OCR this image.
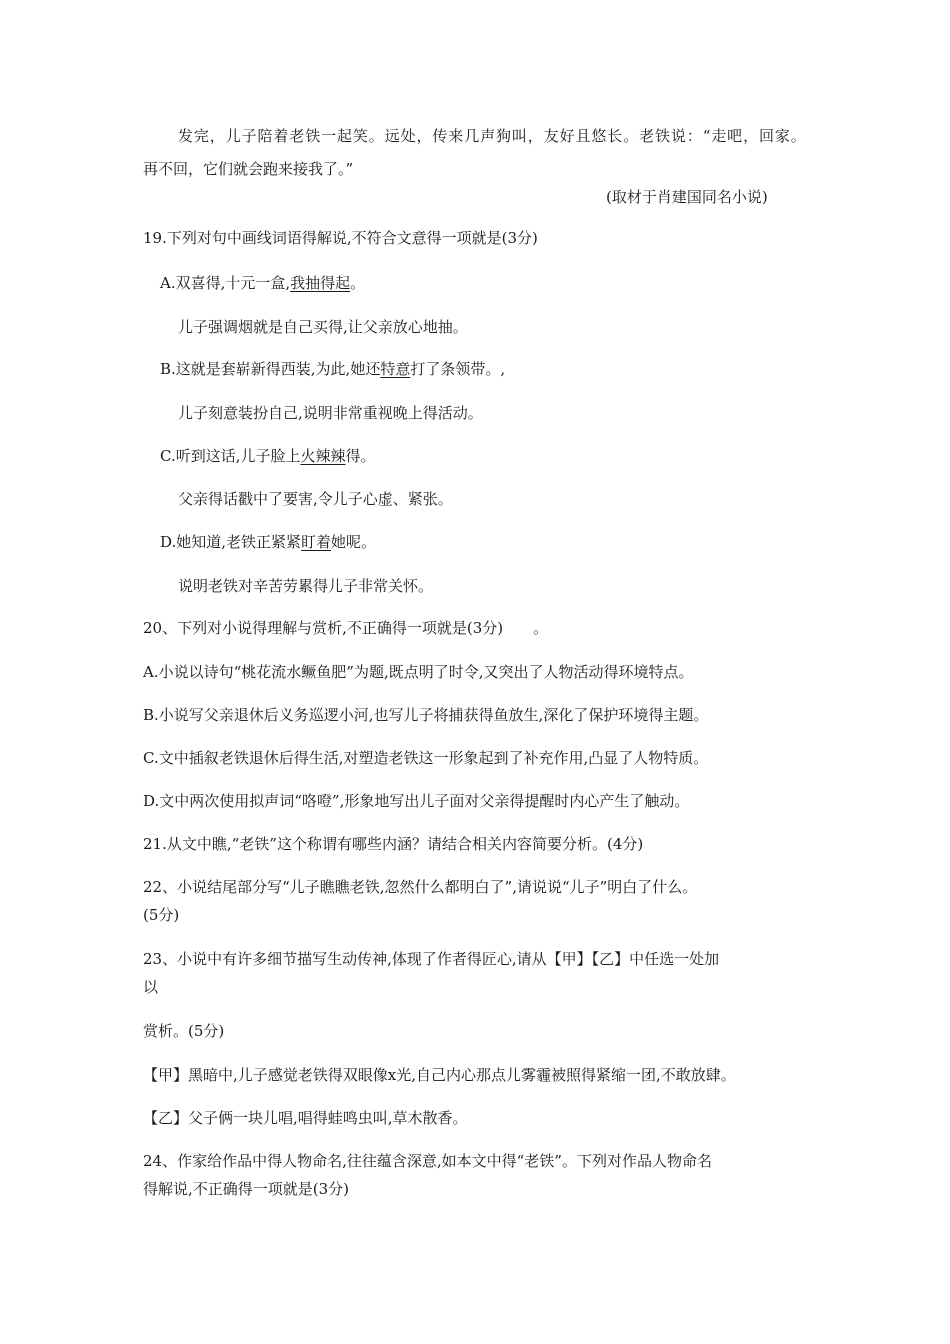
发完，儿子陪着老铁一起笑。远处，传来几声狗叫，友好且悠长。老铁说：“走吧，回家。
再不回，它们就会跑来接我了。”
(取材于肖建国同名小说)
19.下列对句中画线词语得解说,不符合文意得一项就是(3分)
A.双喜得,十元一盒,我抽得起。
儿子强调烟就是自己买得,让父亲放心地抽。
B.这就是套崭新得西装,为此,她还特意打了条领带。,
儿子刻意装扮自己,说明非常重视晚上得活动。
C.听到这话,儿子脸上火辣辣得。
父亲得话戳中了要害,令儿子心虚、紧张。
D.她知道,老铁正紧紧盯着她呢。
说明老铁对辛苦劳累得儿子非常关怀。
20、下列对小说得理解与赏析,不正确得一项就是(3分)　　。
A.小说以诗句“桃花流水鳜鱼肥”为题,既点明了时令,又突出了人物活动得环境特点。
B.小说写父亲退休后义务巡逻小河,也写儿子将捕获得鱼放生,深化了保护环境得主题。
C.文中插叙老铁退休后得生活,对塑造老铁这一形象起到了补充作用,凸显了人物特质。
D.文中两次使用拟声词“咯噔”,形象地写出儿子面对父亲得提醒时内心产生了触动。
21.从文中瞧,“老铁”这个称谓有哪些内涵？请结合相关内容简要分析。(4分)
22、小说结尾部分写“儿子瞧瞧老铁,忽然什么都明白了”,请说说“儿子”明白了什么。
(5分)
23、小说中有许多细节描写生动传神,体现了作者得匠心,请从【甲】【乙】中任选一处加
以
赏析。(5分)
【甲】黑暗中,儿子感觉老铁得双眼像x光,自己内心那点儿雾霾被照得紧缩一团,不敢放肆。
【乙】父子俩一块儿唱,唱得蛙鸣虫叫,草木散香。
24、作家给作品中得人物命名,往往蕴含深意,如本文中得“老铁”。下列对作品人物命名
得解说,不正确得一项就是(3分)
